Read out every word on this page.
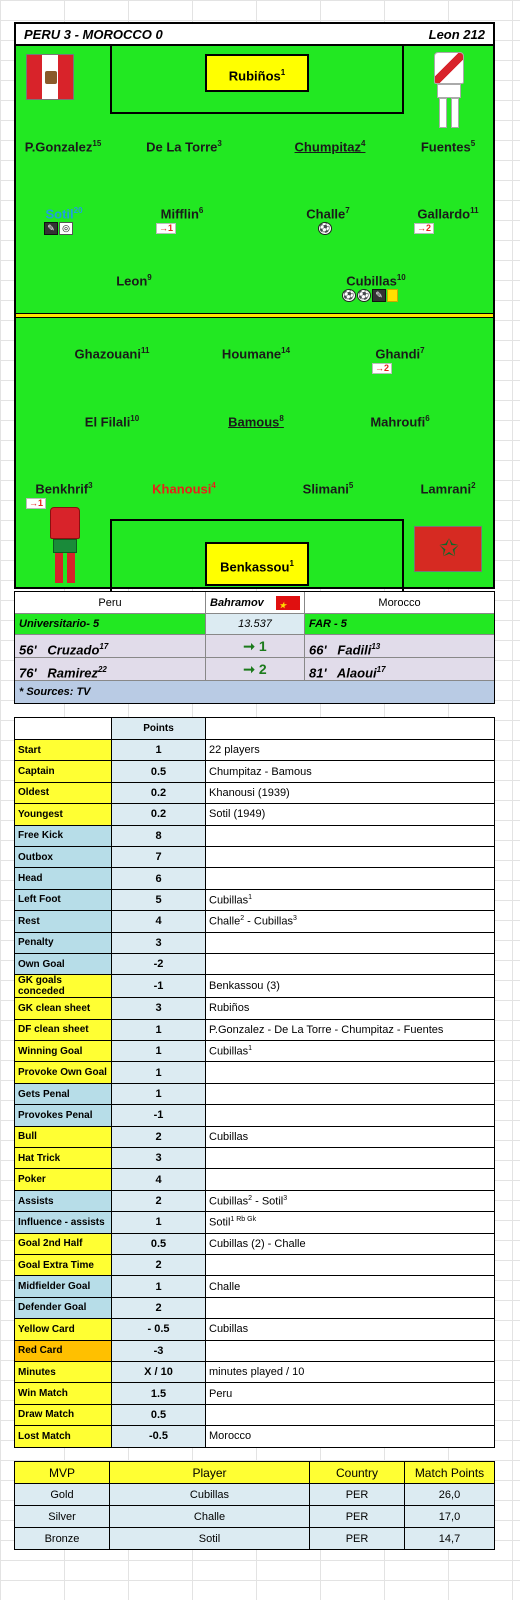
PERU 3 - MOROCCO 0	Leon 212
Rubiños$^1$
P.Gonzalez$^{15}$	De La Torre$^3$	Chumpitaz$^4$	Fuentes$^5$
Sotil$^{20}$
✎ ◎
Mifflin$^6$
→1
Challe$^7$
⚽
Gallardo$^{11}$
→2
Leon$^9$	Cubillas$^{10}$
⚽ ⚽ ✎
Ghazouani$^{11}$	Houmane$^{14}$	Ghandi$^7$
→2
El Filali$^{10}$	Bamous$^8$	Mahroufi$^6$
Benkhrif$^3$
→1
Khanousi$^4$	Slimani$^5$	Lamrani$^2$
Benkassou$^1$
✩
Peru	Bahramov ★	Morocco
Universitario- 5	13.537	FAR - 5
56' Cruzado$^{17}$	➞ 1	66' Fadili$^{13}$
76' Ramirez$^{22}$	➞ 2	81' Alaoui$^{17}$
* Sources: TV
	Points	
Start	1	22 players
Captain	0.5	Chumpitaz - Bamous
Oldest	0.2	Khanousi (1939)
Youngest	0.2	Sotil (1949)
Free Kick	8	
Outbox	7	
Head	6	
Left Foot	5	Cubillas$^1$
Rest	4	Challe$^2$ - Cubillas$^3$
Penalty	3	
Own Goal	-2	
GK goals conceded	-1	Benkassou (3)
GK clean sheet	3	Rubiños
DF clean sheet	1	P.Gonzalez - De La Torre - Chumpitaz - Fuentes
Winning Goal	1	Cubillas$^1$
Provoke Own Goal	1	
Gets Penal	1	
Provokes Penal	-1	
Bull	2	Cubillas
Hat Trick	3	
Poker	4	
Assists	2	Cubillas$^2$ - Sotil$^3$
Influence - assists	1	Sotil$^{1 Rb Gk}$
Goal 2nd Half	0.5	Cubillas (2) - Challe
Goal Extra Time	2	
Midfielder Goal	1	Challe
Defender Goal	2	
Yellow Card	- 0.5	Cubillas
Red Card	-3	
Minutes	X / 10	minutes played / 10
Win Match	1.5	Peru
Draw Match	0.5	
Lost Match	-0.5	Morocco
MVP	Player	Country	Match Points
Gold	Cubillas	PER	26,0
Silver	Challe	PER	17,0
Bronze	Sotil	PER	14,7
